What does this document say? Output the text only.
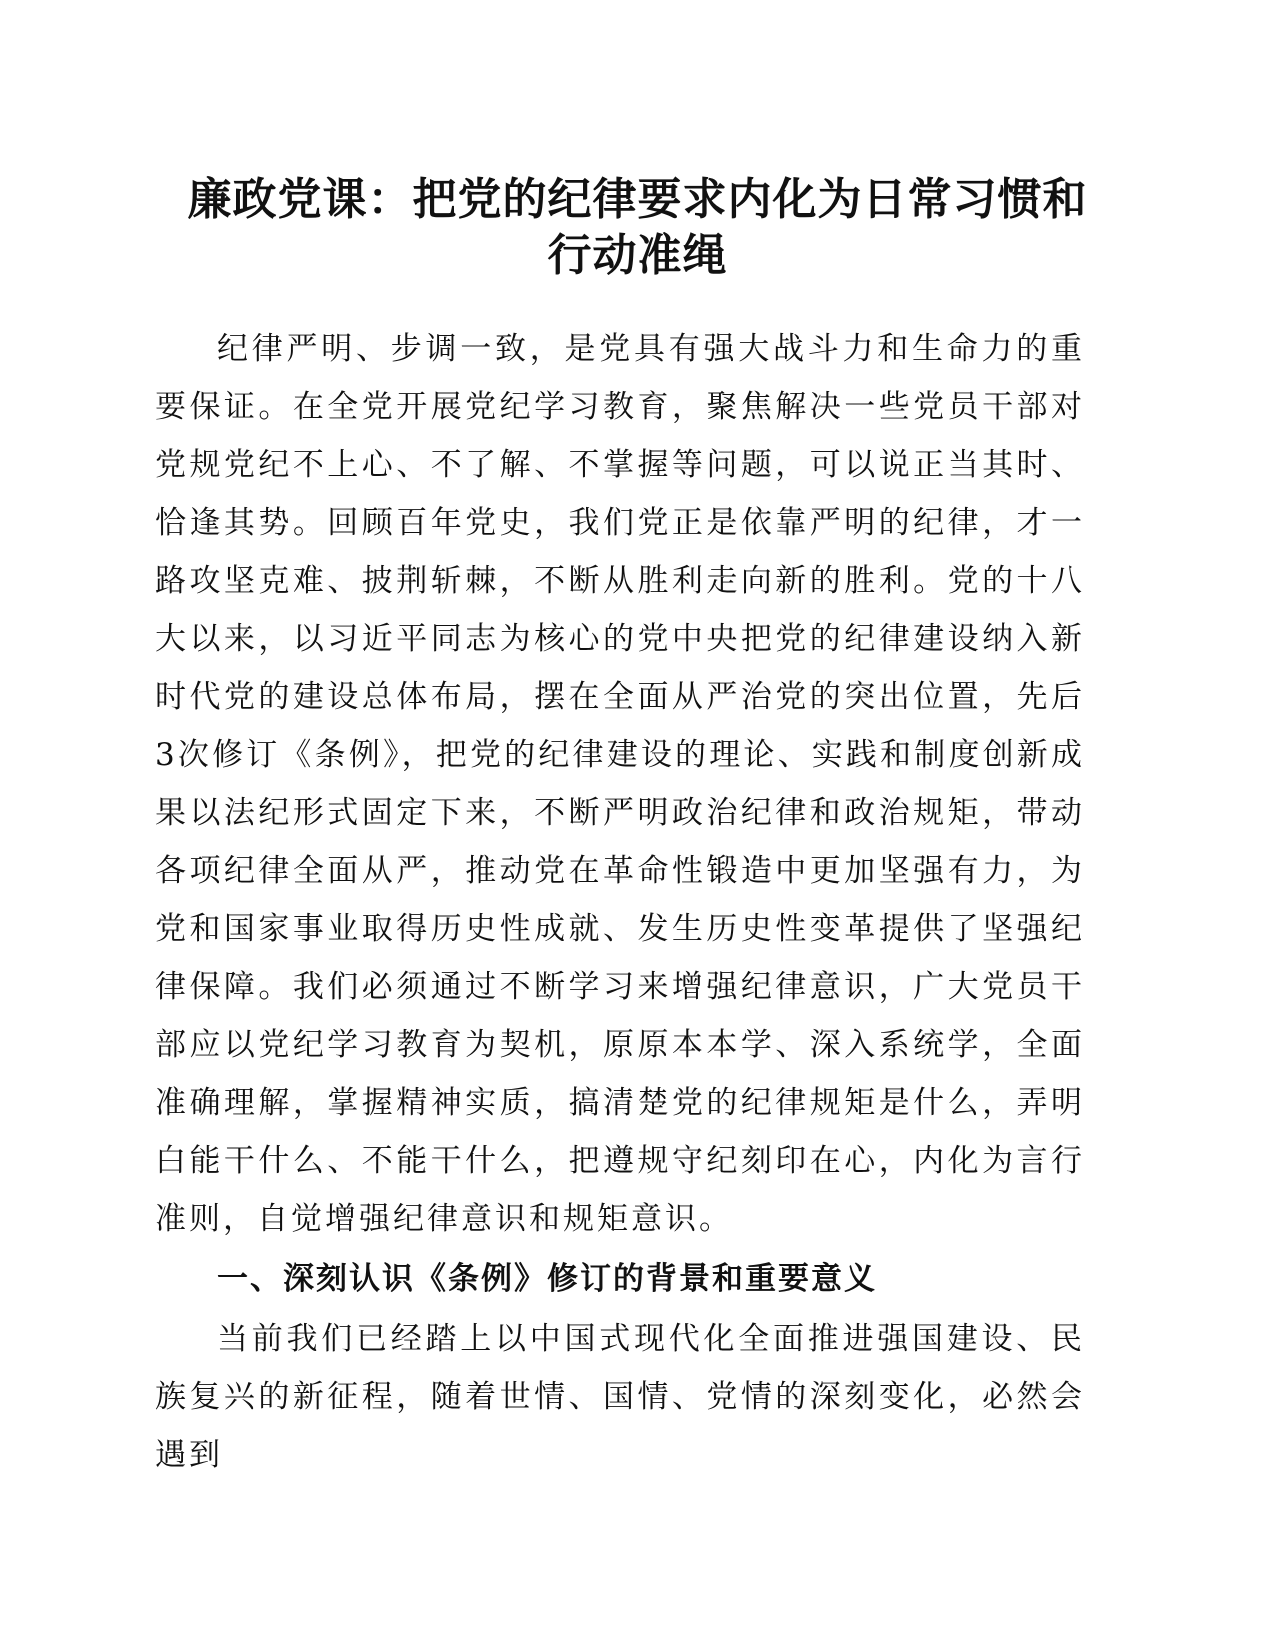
廉政党课：把党的纪律要求内化为日常习惯和
行动准绳

纪律严明、步调一致，是党具有强大战斗力和生命力的重要保证。在全党开展党纪学习教育，聚焦解决一些党员干部对党规党纪不上心、不了解、不掌握等问题，可以说正当其时、恰逢其势。回顾百年党史，我们党正是依靠严明的纪律，才一路攻坚克难、披荆斩棘，不断从胜利走向新的胜利。党的十八大以来，以习近平同志为核心的党中央把党的纪律建设纳入新时代党的建设总体布局，摆在全面从严治党的突出位置，先后3次修订《条例》，把党的纪律建设的理论、实践和制度创新成果以法纪形式固定下来，不断严明政治纪律和政治规矩，带动各项纪律全面从严，推动党在革命性锻造中更加坚强有力，为党和国家事业取得历史性成就、发生历史性变革提供了坚强纪律保障。我们必须通过不断学习来增强纪律意识，广大党员干部应以党纪学习教育为契机，原原本本学、深入系统学，全面准确理解，掌握精神实质，搞清楚党的纪律规矩是什么，弄明白能干什么、不能干什么，把遵规守纪刻印在心，内化为言行准则，自觉增强纪律意识和规矩意识。

一、深刻认识《条例》修订的背景和重要意义

当前我们已经踏上以中国式现代化全面推进强国建设、民族复兴的新征程，随着世情、国情、党情的深刻变化，必然会遇到
